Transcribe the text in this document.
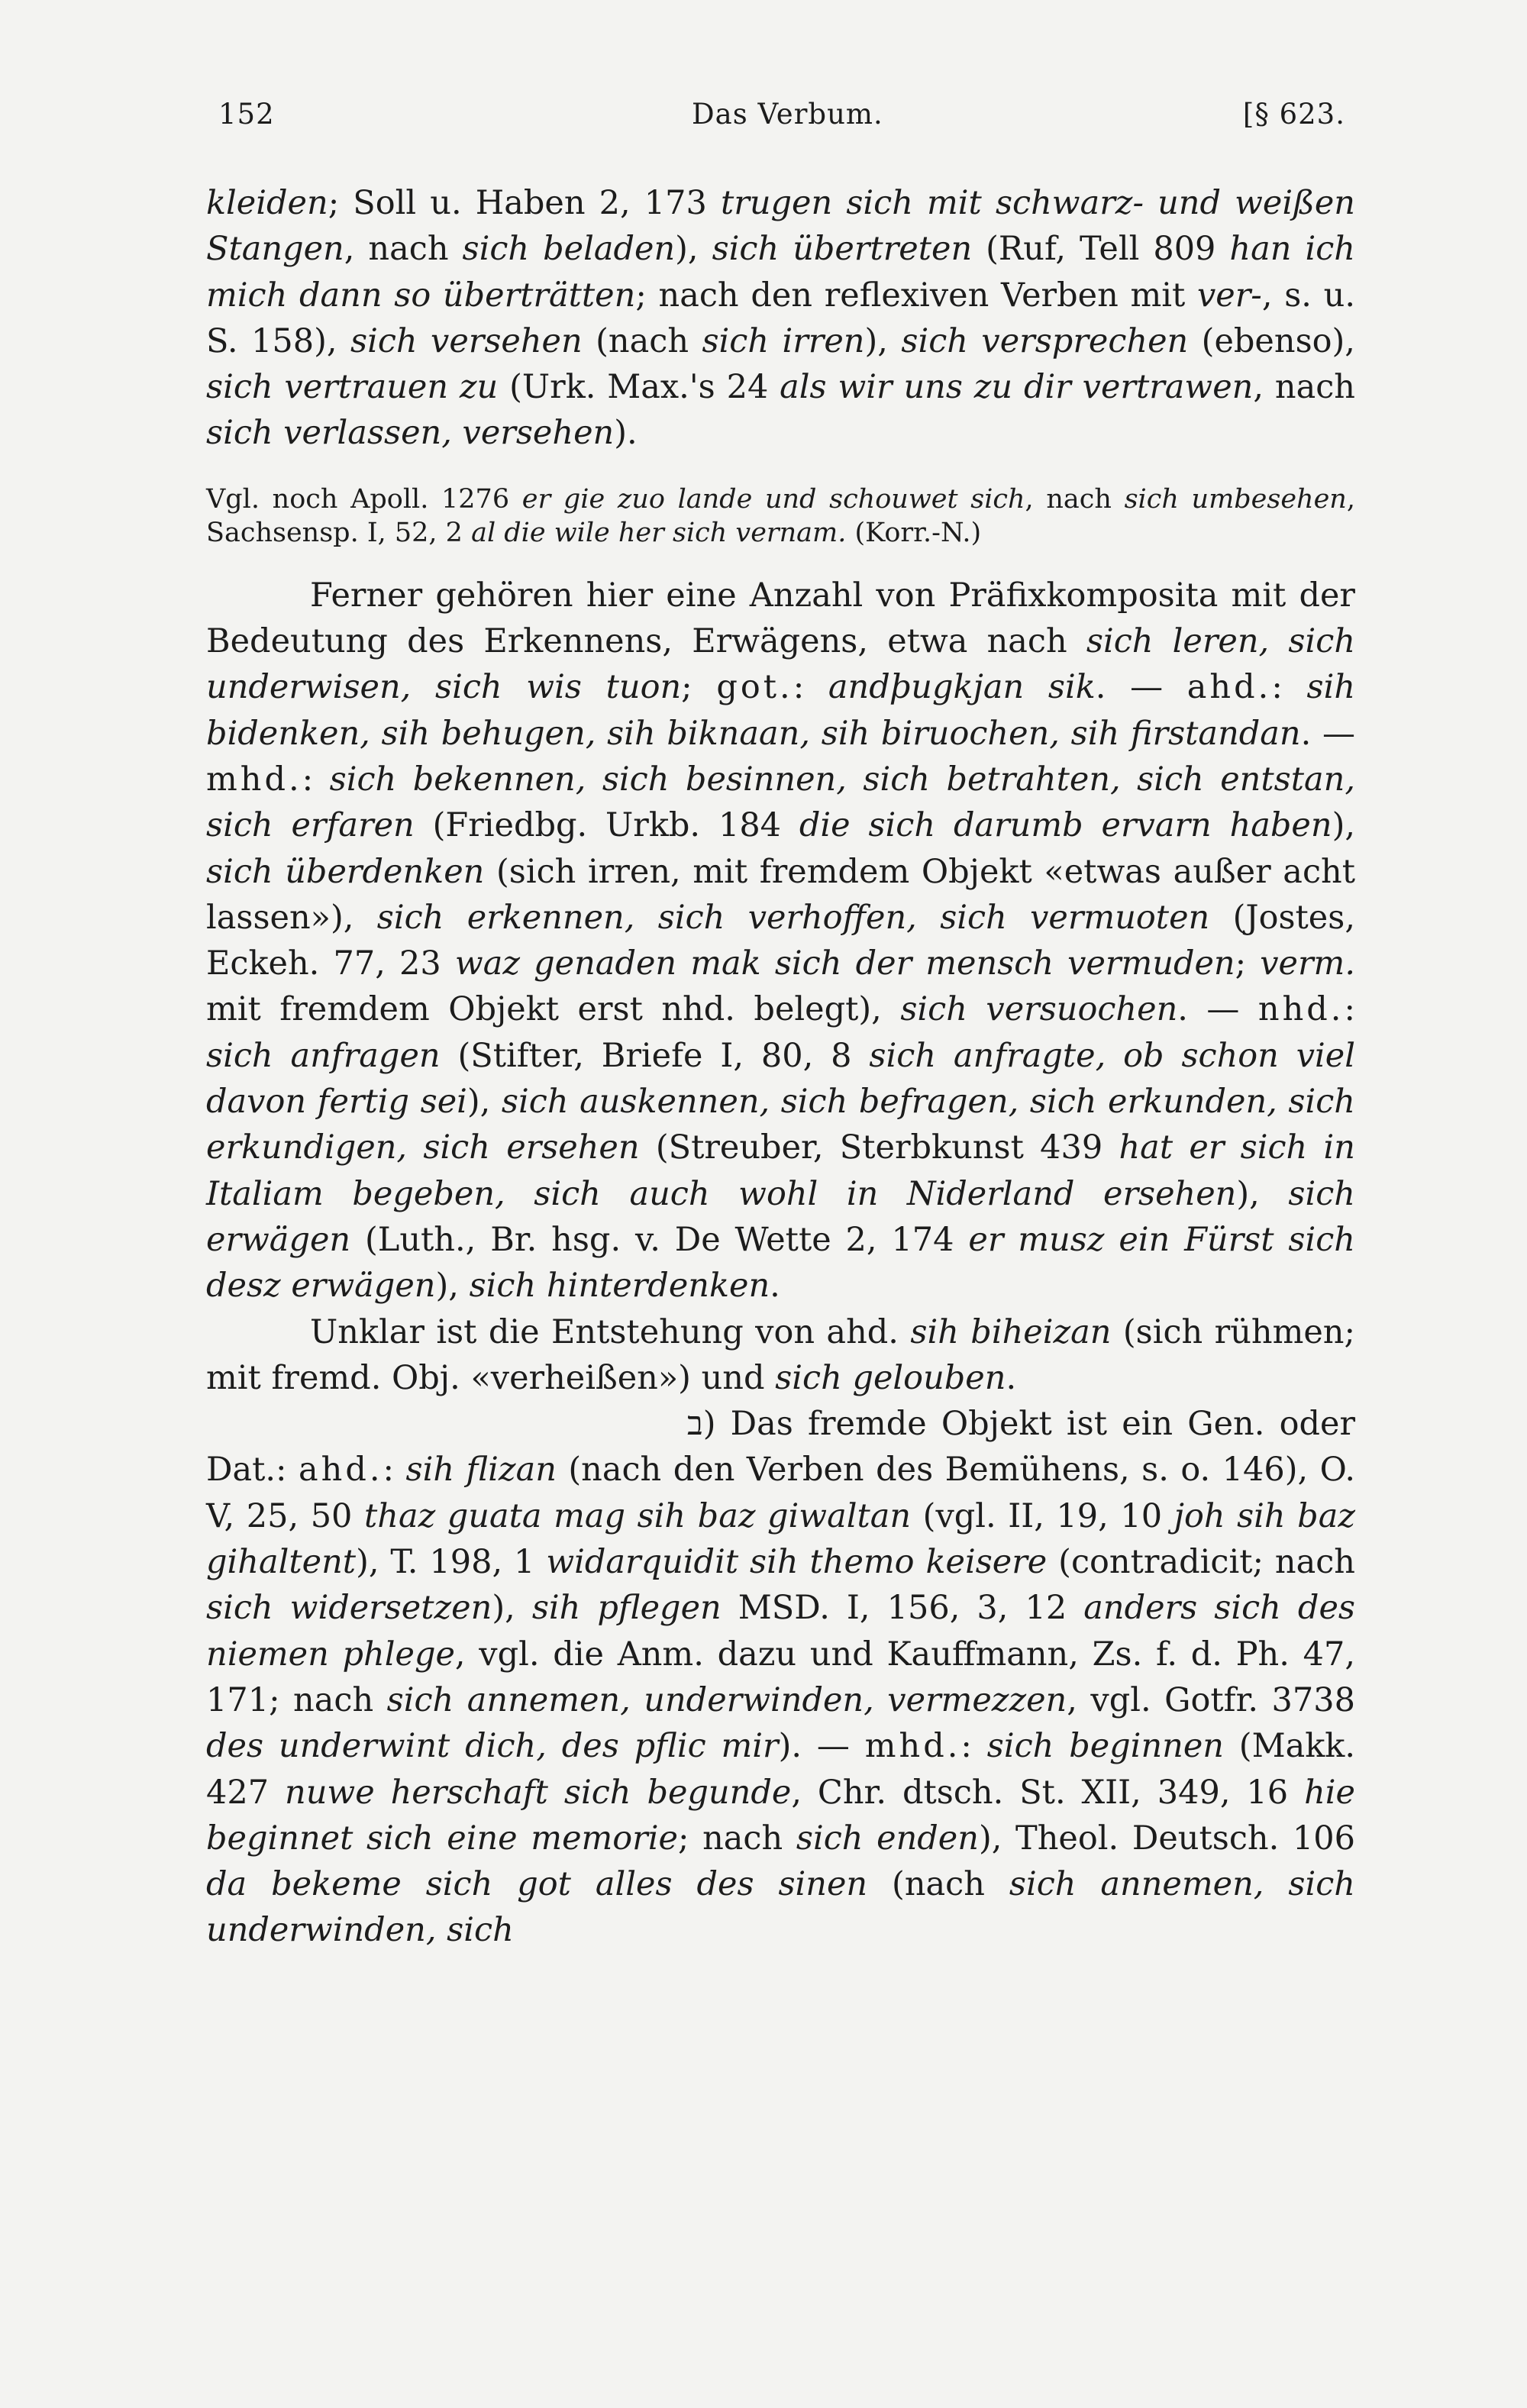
152	Das Verbum.	[§ 623.

kleiden; Soll u. Haben 2, 173 trugen sich mit schwarz- und weißen Stangen, nach sich beladen), sich übertreten (Ruf, Tell 809 han ich mich dann so überträtten; nach den reflexiven Verben mit ver-, s. u. S. 158), sich versehen (nach sich irren), sich versprechen (ebenso), sich vertrauen zu (Urk. Max.'s 24 als wir uns zu dir vertrawen, nach sich verlassen, versehen).

Vgl. noch Apoll. 1276 er gie zuo lande und schouwet sich, nach sich umbesehen, Sachsensp. I, 52, 2 al die wile her sich vernam. (Korr.-N.)

Ferner gehören hier eine Anzahl von Präfixkomposita mit der Bedeutung des Erkennens, Erwägens, etwa nach sich leren, sich underwisen, sich wis tuon; got.: andþugkjan sik. — ahd.: sih bidenken, sih behugen, sih biknaan, sih biruochen, sih firstandan. — mhd.: sich bekennen, sich besinnen, sich betrahten, sich entstan, sich erfaren (Friedbg. Urkb. 184 die sich darumb ervarn haben), sich überdenken (sich irren, mit fremdem Objekt «etwas außer acht lassen»), sich erkennen, sich verhoffen, sich vermuoten (Jostes, Eckeh. 77, 23 waz genaden mak sich der mensch vermuden; verm. mit fremdem Objekt erst nhd. belegt), sich versuochen. — nhd.: sich anfragen (Stifter, Briefe I, 80, 8 sich anfragte, ob schon viel davon fertig sei), sich auskennen, sich befragen, sich erkunden, sich erkundigen, sich ersehen (Streuber, Sterbkunst 439 hat er sich in Italiam begeben, sich auch wohl in Niderland ersehen), sich erwägen (Luth., Br. hsg. v. De Wette 2, 174 er musz ein Fürst sich desz erwägen), sich hinterdenken.

Unklar ist die Entstehung von ahd. sih biheizan (sich rühmen; mit fremd. Obj. «verheißen») und sich gelouben.

ב) Das fremde Objekt ist ein Gen. oder Dat.: ahd.: sih flizan (nach den Verben des Bemühens, s. o. 146), O. V, 25, 50 thaz guata mag sih baz giwaltan (vgl. II, 19, 10 joh sih baz gihaltent), T. 198, 1 widarquidit sih themo keisere (contradicit; nach sich widersetzen), sih pflegen MSD. I, 156, 3, 12 anders sich des niemen phlege, vgl. die Anm. dazu und Kauffmann, Zs. f. d. Ph. 47, 171; nach sich annemen, underwinden, vermezzen, vgl. Gotfr. 3738 des underwint dich, des pflic mir). — mhd.: sich beginnen (Makk. 427 nuwe herschaft sich begunde, Chr. dtsch. St. XII, 349, 16 hie beginnet sich eine memorie; nach sich enden), Theol. Deutsch. 106 da bekeme sich got alles des sinen (nach sich annemen, sich underwinden, sich
